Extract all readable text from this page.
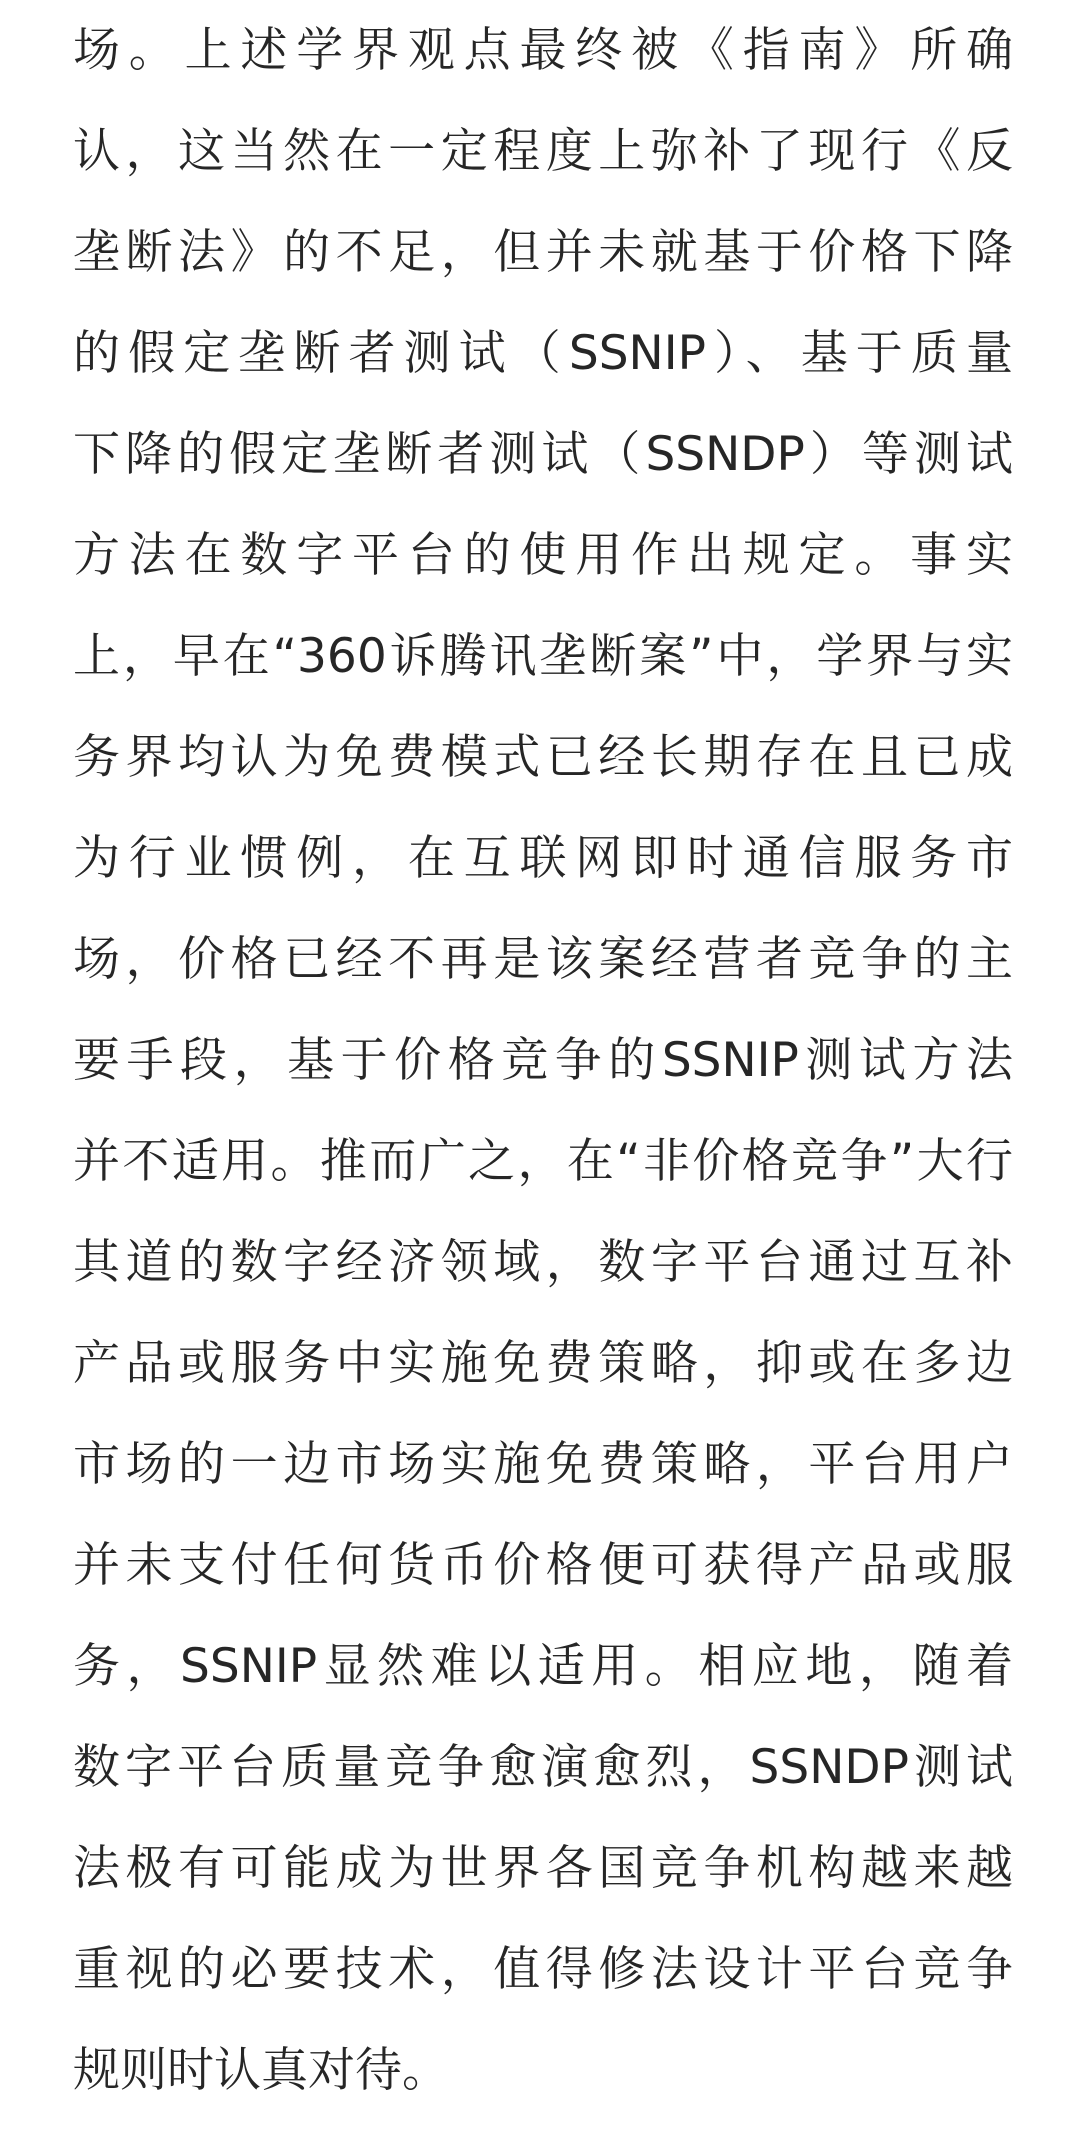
场。上述学界观点最终被《指南》所确
认，这当然在一定程度上弥补了现行《反
垄断法》的不足，但并未就基于价格下降
的假定垄断者测试（SSNIP）、基于质量
下降的假定垄断者测试（SSNDP）等测试
方法在数字平台的使用作出规定。事实
上，早在“360诉腾讯垄断案”中，学界与实
务界均认为免费模式已经长期存在且已成
为行业惯例，在互联网即时通信服务市
场，价格已经不再是该案经营者竞争的主
要手段，基于价格竞争的SSNIP测试方法
并不适用。推而广之，在“非价格竞争”大行
其道的数字经济领域，数字平台通过互补
产品或服务中实施免费策略，抑或在多边
市场的一边市场实施免费策略，平台用户
并未支付任何货币价格便可获得产品或服
务，SSNIP显然难以适用。相应地，随着
数字平台质量竞争愈演愈烈，SSNDP测试
法极有可能成为世界各国竞争机构越来越
重视的必要技术，值得修法设计平台竞争
规则时认真对待。
